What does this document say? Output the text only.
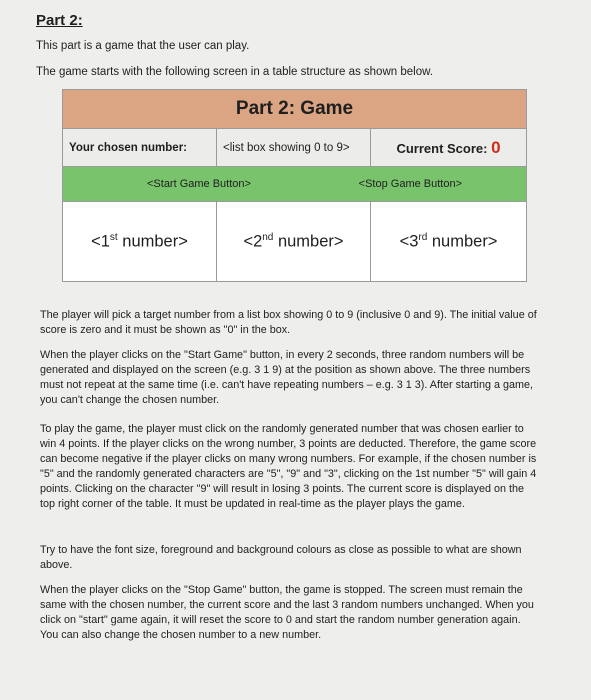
Part 2:

This part is a game that the user can play.

The game starts with the following screen in a table structure as shown below.

Part 2: Game		
Your chosen number:	<list box showing 0 to 9>	Current Score: 0

<Start Game Button> <Stop Game Button>		

<1st number>	<2nd number>	<3rd number>

The player will pick a target number from a list box showing 0 to 9 (inclusive 0 and 9). The initial value of score is zero and it must be shown as "0" in the box.

When the player clicks on the "Start Game" button, in every 2 seconds, three random numbers will be generated and displayed on the screen (e.g. 3 1 9) at the position as shown above. The three numbers must not repeat at the same time (i.e. can't have repeating numbers – e.g. 3 1 3). After starting a game, you can't change the chosen number.

To play the game, the player must click on the randomly generated number that was chosen earlier to win 4 points. If the player clicks on the wrong number, 3 points are deducted. Therefore, the game score can become negative if the player clicks on many wrong numbers. For example, if the chosen number is "5" and the randomly generated characters are "5", "9" and "3", clicking on the 1st number "5" will gain 4 points. Clicking on the character "9" will result in losing 3 points. The current score is displayed on the top right corner of the table. It must be updated in real-time as the player plays the game.

Try to have the font size, foreground and background colours as close as possible to what are shown above.

When the player clicks on the "Stop Game" button, the game is stopped. The screen must remain the same with the chosen number, the current score and the last 3 random numbers unchanged. When you click on "start" game again, it will reset the score to 0 and start the random number generation again. You can also change the chosen number to a new number.
